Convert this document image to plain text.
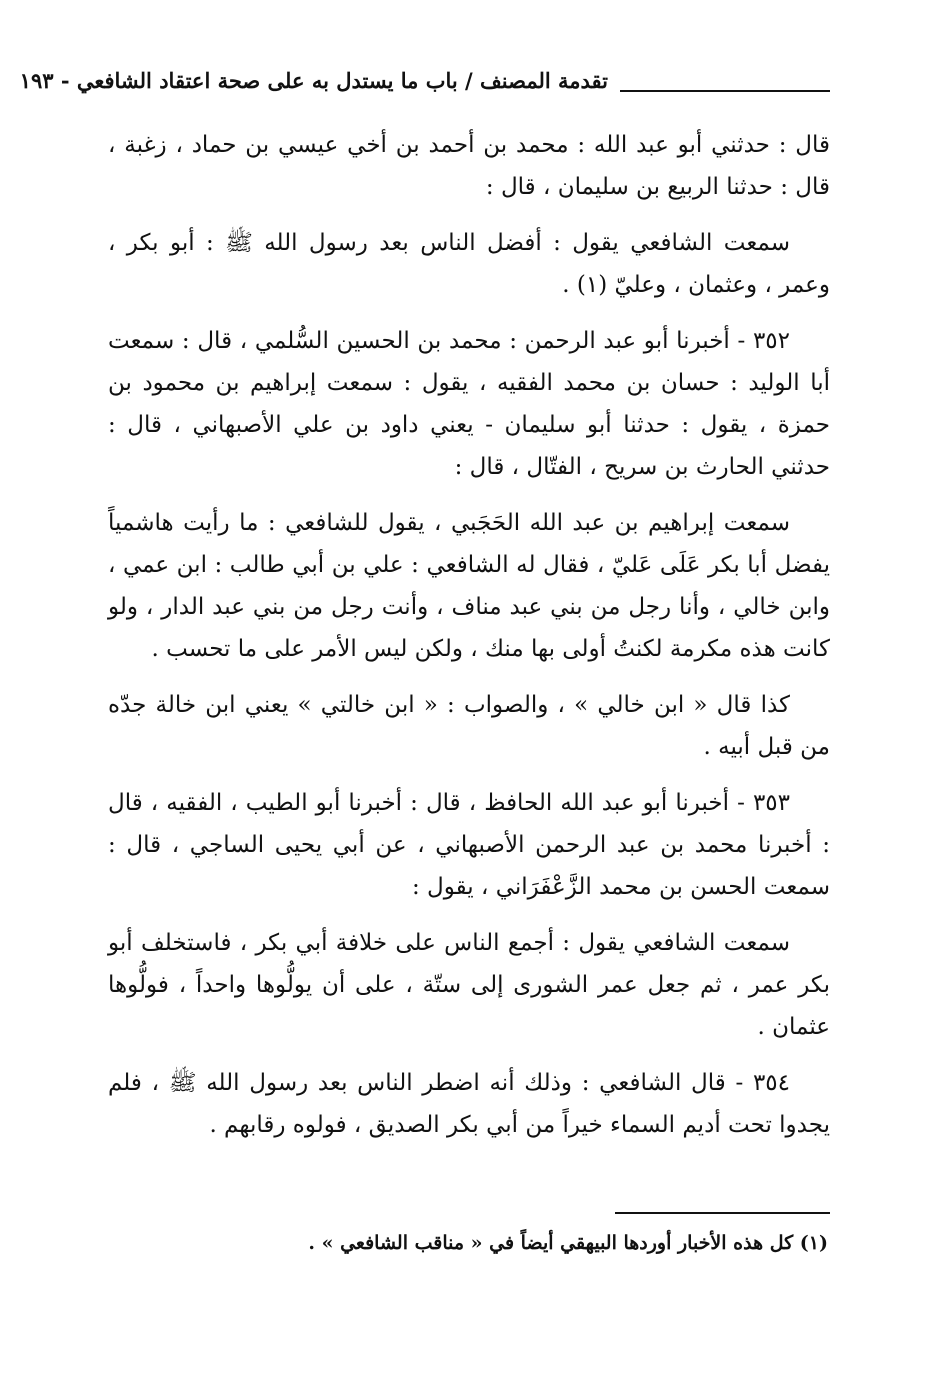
تقدمة المصنف / باب ما يستدل به على صحة اعتقاد الشافعي - ١٩٣

قال : حدثني أبو عبد الله : محمد بن أحمد بن أخي عيسي بن حماد ، زغبة ، قال : حدثنا الربيع بن سليمان ، قال :

سمعت الشافعي يقول : أفضل الناس بعد رسول الله ﷺ : أبو بكر ، وعمر ، وعثمان ، وعليّ (١) .

٣٥٢ - أخبرنا أبو عبد الرحمن : محمد بن الحسين السُّلمي ، قال : سمعت أبا الوليد : حسان بن محمد الفقيه ، يقول : سمعت إبراهيم بن محمود بن حمزة ، يقول : حدثنا أبو سليمان - يعني داود بن علي الأصبهاني ، قال : حدثني الحارث بن سريح ، الفتّال ، قال :

سمعت إبراهيم بن عبد الله الحَجَبي ، يقول للشافعي : ما رأيت هاشمياً يفضل أبا بكر عَلَى عَليّ ، فقال له الشافعي : علي بن أبي طالب : ابن عمي ، وابن خالي ، وأنا رجل من بني عبد مناف ، وأنت رجل من بني عبد الدار ، ولو كانت هذه مكرمة لكنتُ أولى بها منك ، ولكن ليس الأمر على ما تحسب .

كذا قال « ابن خالي » ، والصواب : « ابن خالتي » يعني ابن خالة جدّه من قبل أبيه .

٣٥٣ - أخبرنا أبو عبد الله الحافظ ، قال : أخبرنا أبو الطيب ، الفقيه ، قال : أخبرنا محمد بن عبد الرحمن الأصبهاني ، عن أبي يحيى الساجي ، قال : سمعت الحسن بن محمد الزَّعْفَرَاني ، يقول :

سمعت الشافعي يقول : أجمع الناس على خلافة أبي بكر ، فاستخلف أبو بكر عمر ، ثم جعل عمر الشورى إلى ستّة ، على أن يولُّوها واحداً ، فولُّوها عثمان .

٣٥٤ - قال الشافعي : وذلك أنه اضطر الناس بعد رسول الله ﷺ ، فلم يجدوا تحت أديم السماء خيراً من أبي بكر الصديق ، فولوه رقابهم .

(١) كل هذه الأخبار أوردها البيهقي أيضاً في « مناقب الشافعي » .
